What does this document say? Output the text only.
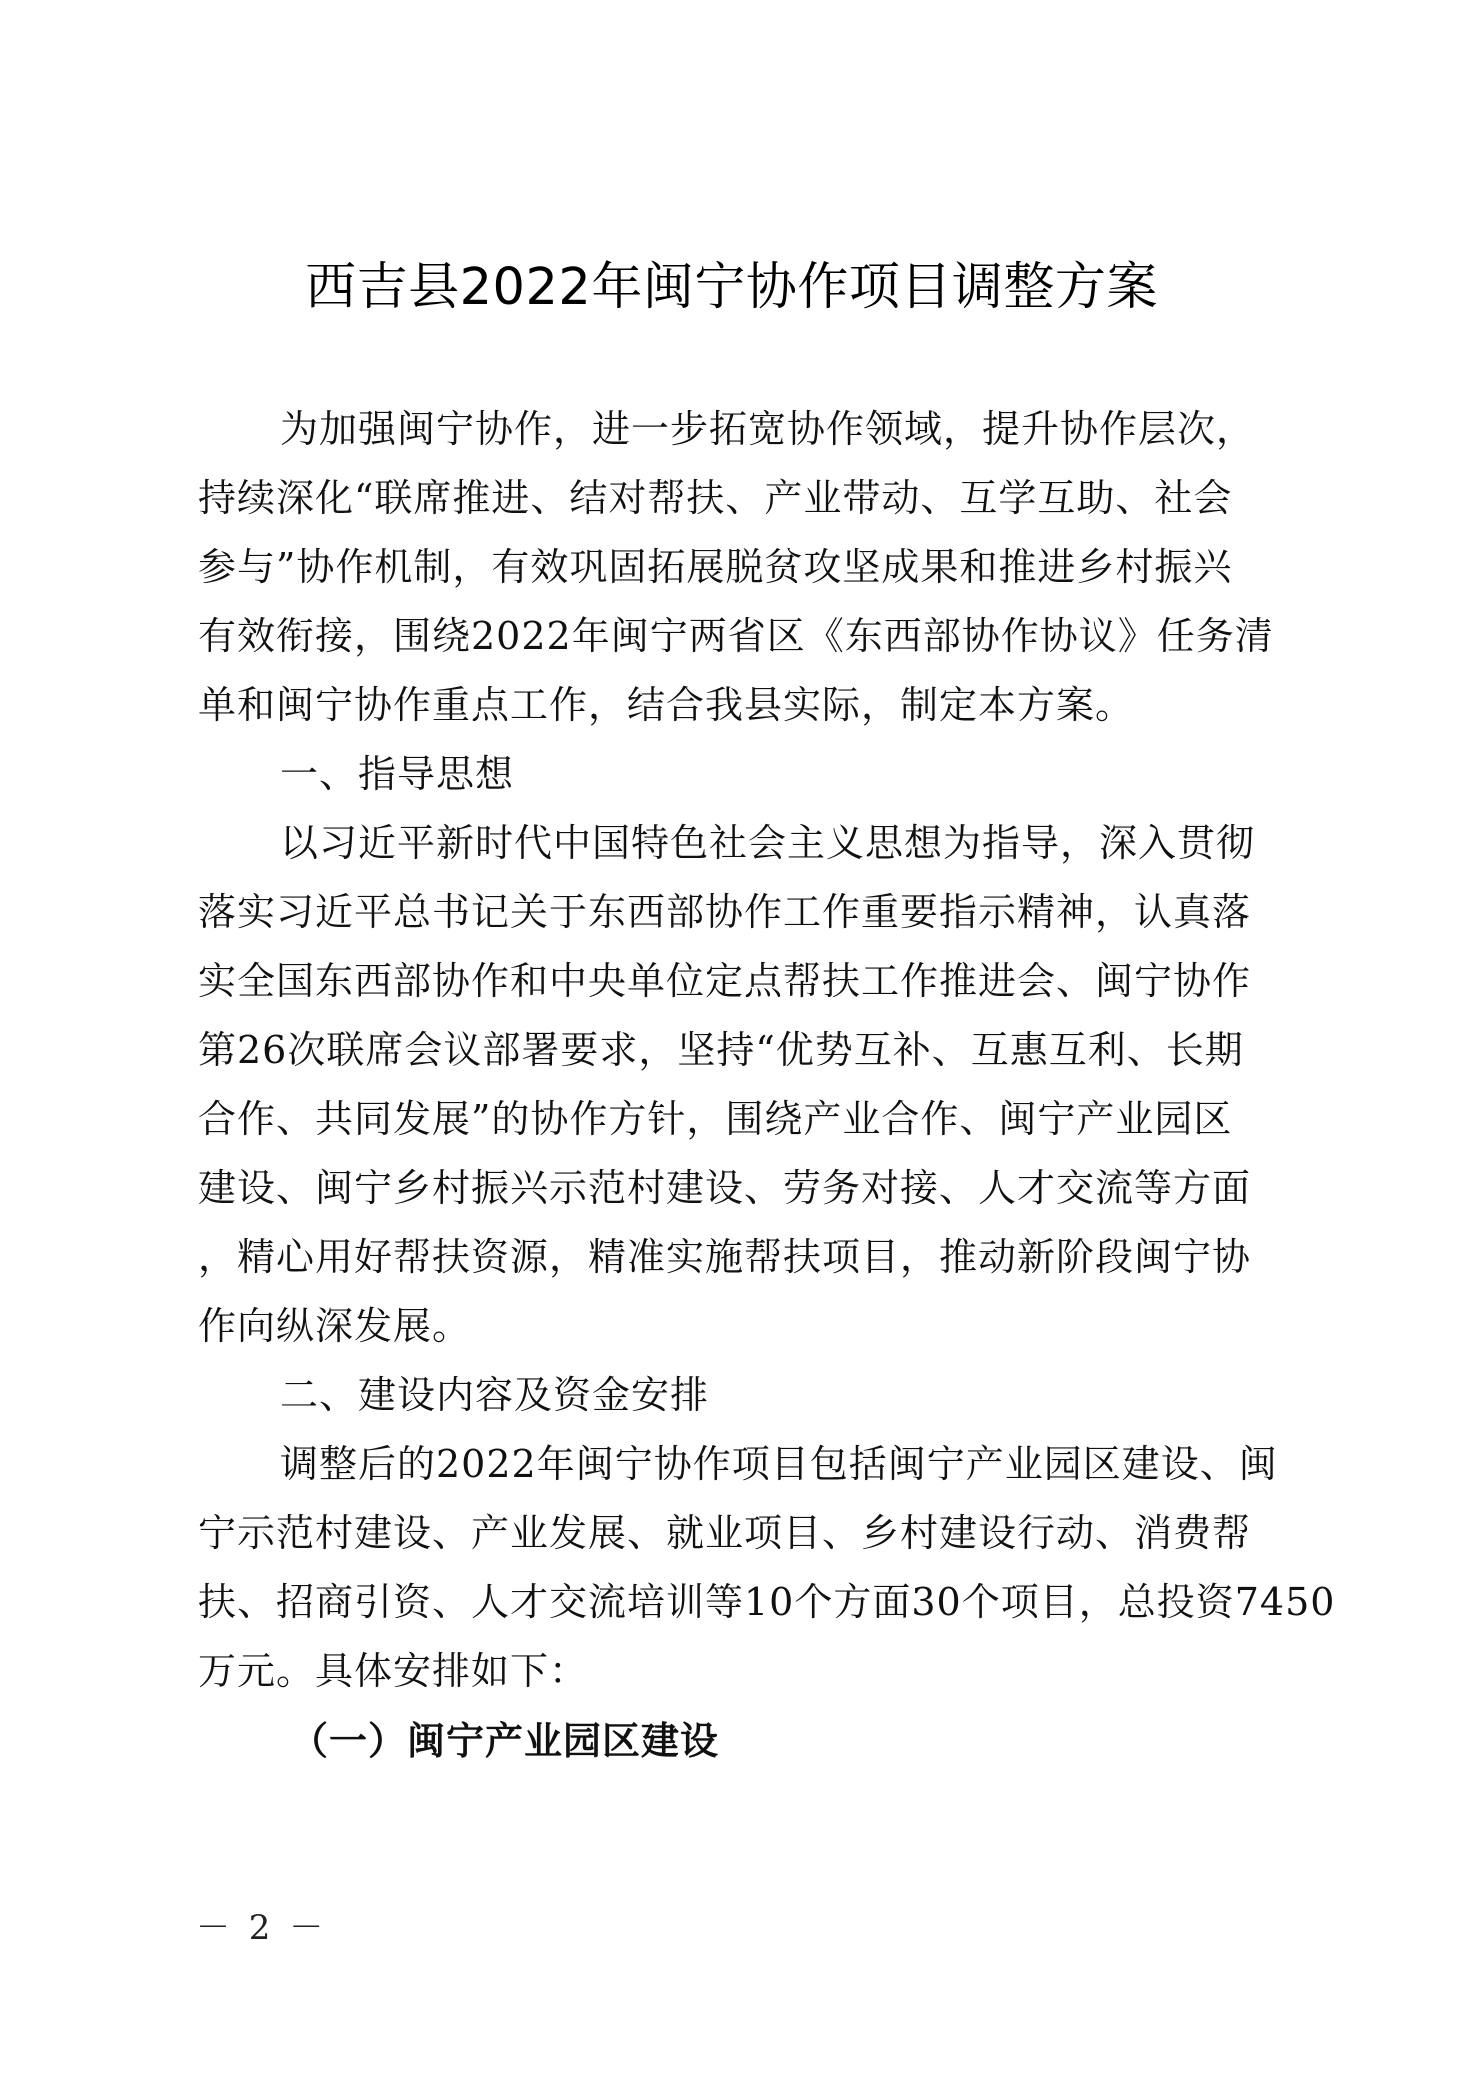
西吉县2022年闽宁协作项目调整方案
为加强闽宁协作，进一步拓宽协作领域，提升协作层次，
持续深化“联席推进、结对帮扶、产业带动、互学互助、社会
参与”协作机制，有效巩固拓展脱贫攻坚成果和推进乡村振兴
有效衔接，围绕2022年闽宁两省区《东西部协作协议》任务清
单和闽宁协作重点工作，结合我县实际，制定本方案。
一、指导思想
以习近平新时代中国特色社会主义思想为指导，深入贯彻
落实习近平总书记关于东西部协作工作重要指示精神，认真落
实全国东西部协作和中央单位定点帮扶工作推进会、闽宁协作
第26次联席会议部署要求，坚持“优势互补、互惠互利、长期
合作、共同发展”的协作方针，围绕产业合作、闽宁产业园区
建设、闽宁乡村振兴示范村建设、劳务对接、人才交流等方面
，精心用好帮扶资源，精准实施帮扶项目，推动新阶段闽宁协
作向纵深发展。
二、建设内容及资金安排
调整后的2022年闽宁协作项目包括闽宁产业园区建设、闽
宁示范村建设、产业发展、就业项目、乡村建设行动、消费帮
扶、招商引资、人才交流培训等10个方面30个项目，总投资7450
万元。具体安排如下：
（一）闽宁产业园区建设
－ 2 －
